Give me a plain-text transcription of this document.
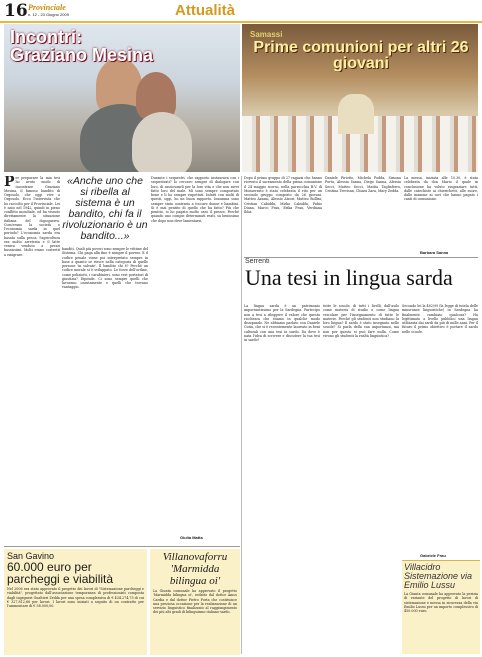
16 Provinciale
n. 12 - 23 Giugno 2009	Attualità
Incontri:
Graziano Mesina
Samassi
Prime comunioni per altri 26 giovani
P er preparare la mia tesi ho avuto modo di incontrare Graziano Mesina, il famoso bandito di Orgosolo, che oggi vive a Orgosolo. Ecco l'intervista che ho raccolto per il Provinciale. Lei è nato nel 1942, quindi in pieno conflitto mondiale, ed ha vissuto direttamente la situazione italiana del dopoguerra. Com'erano la società e l'economia sarda in quel periodo? L'economia sarda era basata sulla pesca, l'agricoltura era molto arretrata e il latte veniva venduto a prezzi bassissimi. Molti erano costretti a emigrare.
«Anche uno che si ribella al sistema è un bandito, chi fa il rivoluzionario è un bandito...»
banditi. Quali più poveri sono sempre le vittime del Sistema. Chi paga alla fine è sempre il povero. E il codice penale viene poi interpretato sempre in base a quanto se riesce nella categoria di quelle persone 'in salvate'. Il bandito chi è? Perché un codice morale si è sviluppato. Le forze dell'ordine, come poliziotti, i carabinieri, sono veri portatori di giustizia? Dipende. Ci sono sempre quelli che lavorano onestamente e quelli che trovano vantaggio.
Durante i sequestri, che rapporto instaurava con i sequestrati? Io cercavo sempre di dialogare con loro, di rassicurarli per la loro vita e che non avrei fatto loro del male. Mi sono sempre comportato bene e li ho sempre rispettati. Infatti con molti di questi, oggi, ho un buon rapporto. Insomma sono sempre stato contrario a toccare donne e bambini. Si è mai pentito di quello che ha fatto? Più che pentito, io ho pagato molto caro il prezzo. Perché quando uno compie determinati reati, sa benissimo che dopo non deve lamentarsi.
Giulia Matta
Dopo il primo gruppo di 27 ragazzi che hanno ricevuto il sacramento della prima comunione il 24 maggio scorso, nella parrocchia B.V. di Monserrato è stata celebrata il rito per un secondo gruppo composto da 26 giovani. Matteo Azzani, Alessio Atzori, Matteo Bollini, Cristian Cabiddu, Mirko Cabiddu, Fabio Diana, Marco Frau, Erika Frau, Verdiana Ibba.
Daniele Piriotto, Michela Podda, Simona Porta, Alessia Sanna, Diego Sanna, Alessia Secci, Matteo Secci, Mattia Tagliaferro, Cristina Trevisan, Chiara Zara, Mary Zedda.
La messa, iniziata alle 10.30, è stata celebrata da don Mario il quale in conclusione ha voluto ringraziare tutti, dalle catechiste ai chierichetti, alle suore, dalle mamme ai cori che hanno pagato i canti di comunione.
Barbara Sanna
Serrenti
Una tesi in lingua sarda
La lingua sarda è un patrimonio importantissimo per la Sardegna. Partecipo non a tesi a rileggere il valore che questa ricchezza che stiamo in qualche modo dissipando. Ne abbiamo parlato con Daniele Cutiu, che si è recentemente laureato in beni culturali con una tesi in sardo. Da dove è nata l'idea di scrivere e discutere la tua tesi in sardo?
tutte le scuole, di tutti i livelli, dall'asilo come materia di studio e come lingua veicolare per l'insegnamento di tutte le materie. Perché gli studenti non studiano la loro lingua? Il sardo è stato insegnato nelle scuole? Si parla della sua importanza, ma non per questo si può fare nulla. Come vivono gli studenti la realtà linguistica?
Secondo lei la 482/99 (la legge di tutela delle minoranze linguistiche) in Sardegna ha finalmente cambiato qualcosa? Ha legittimato a livello pubblico una lingua utilizzata dai sardi da più di mille anni. Per il futuro il primo obiettivo è portare il sardo nelle scuole.
Gabriele Frau
Villacidro
Sistemazione via Emilio Lussu
La Giunta comunale ha approvato la perizia di variante del progetto di lavori di sistemazione e messa in sicurezza della via Emilio Lussu per un importo complessivo di 450.000 euro.
San Gavino
60.000 euro per parcheggi e viabilità
Nel 2006 era stato approvato il progetto dei lavori di "Sistemazione parcheggi e viabilità", progettato dall'associazione temporanea di professionisti composta dagli ingegneri Gualtieri Zedda per una spesa complessiva di € 434.274,75 di cui € 327.812,68 per lavori. I lavori sono iniziati a seguito di un contratto per l'ammontare di € 58.000,00.
Villanovaforru 'Marmidda bilingua oi'
La Giunta comunale ha approvato il progetto 'Marmidda bilingua oi', redatto dal dottor Amos Cardia e dal dottor Pietro Porta che costituisce una preziosa occasione per la realizzazione di un servizio linguistico finalizzato al raggiungimento dei più alti gradi di bilinguismo italiano-sardo.
